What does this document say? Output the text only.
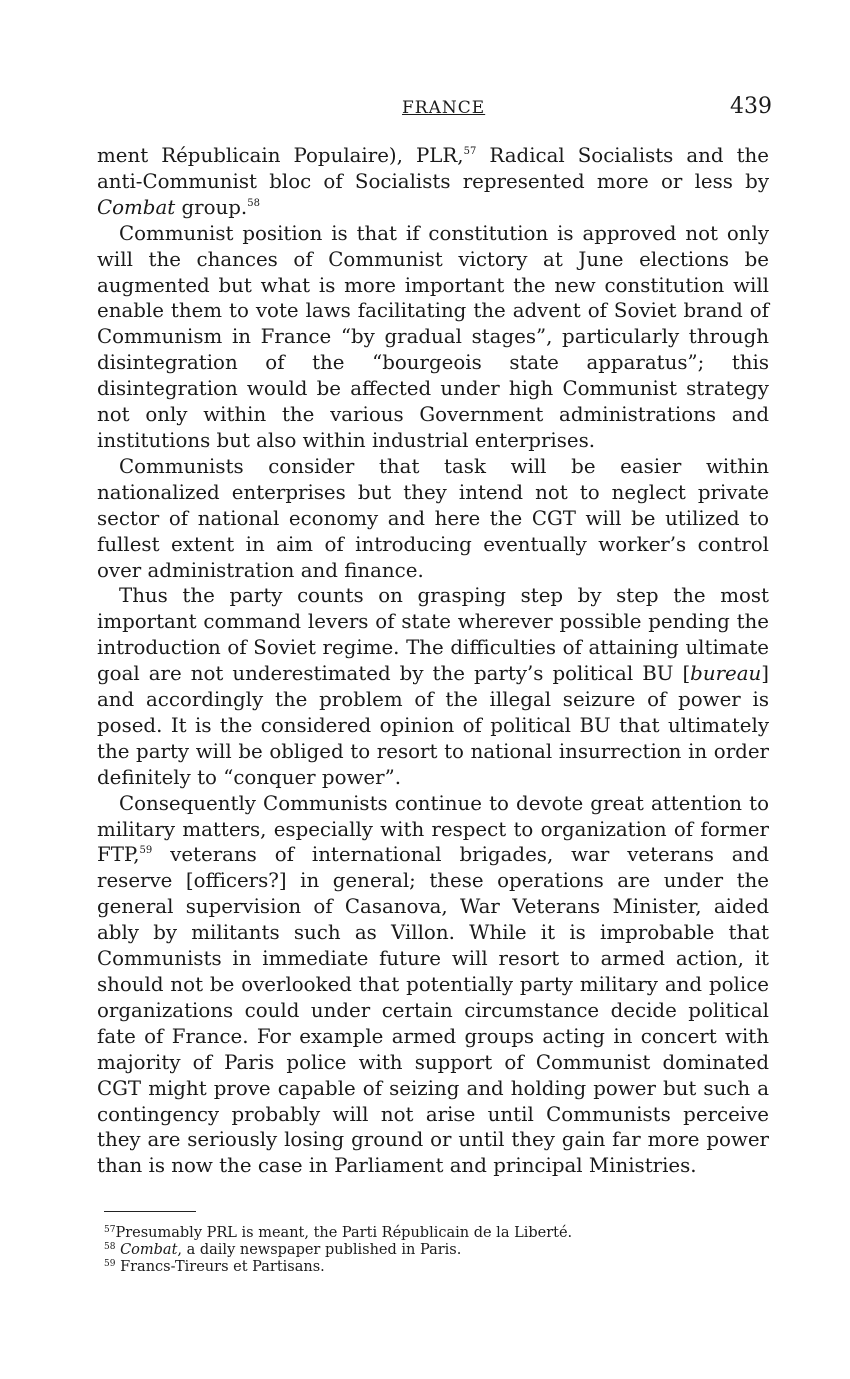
FRANCE	439

ment Républicain Populaire), PLR,$^{57}$ Radical Socialists and the anti-Communist bloc of Socialists represented more or less by Combat group.$^{58}$

Communist position is that if constitution is approved not only will the chances of Communist victory at June elections be augmented but what is more important the new constitution will enable them to vote laws facilitating the advent of Soviet brand of Communism in France “by gradual stages”, particularly through disintegration of the “bourgeois state apparatus”; this disintegration would be affected under high Communist strategy not only within the various Government administrations and institutions but also within industrial enterprises.

Communists consider that task will be easier within nationalized enterprises but they intend not to neglect private sector of national economy and here the CGT will be utilized to fullest extent in aim of introducing eventually worker’s control over administration and finance.

Thus the party counts on grasping step by step the most important command levers of state wherever possible pending the introduction of Soviet regime. The difficulties of attaining ultimate goal are not underestimated by the party’s political BU [bureau] and accordingly the problem of the illegal seizure of power is posed. It is the considered opinion of political BU that ultimately the party will be obliged to resort to national insurrection in order definitely to “conquer power”.

Consequently Communists continue to devote great attention to military matters, especially with respect to organization of former FTP,$^{59}$ veterans of international brigades, war veterans and reserve [officers?] in general; these operations are under the general supervision of Casanova, War Veterans Minister, aided ably by militants such as Villon. While it is improbable that Communists in immediate future will resort to armed action, it should not be overlooked that potentially party military and police organizations could under certain circumstance decide political fate of France. For example armed groups acting in concert with majority of Paris police with support of Communist dominated CGT might prove capable of seizing and holding power but such a contingency probably will not arise until Communists perceive they are seriously losing ground or until they gain far more power than is now the case in Parliament and principal Ministries.

$^{57}$Presumably PRL is meant, the Parti Républicain de la Liberté.

$^{58}$ Combat, a daily newspaper published in Paris.

$^{59}$ Francs-Tireurs et Partisans.
